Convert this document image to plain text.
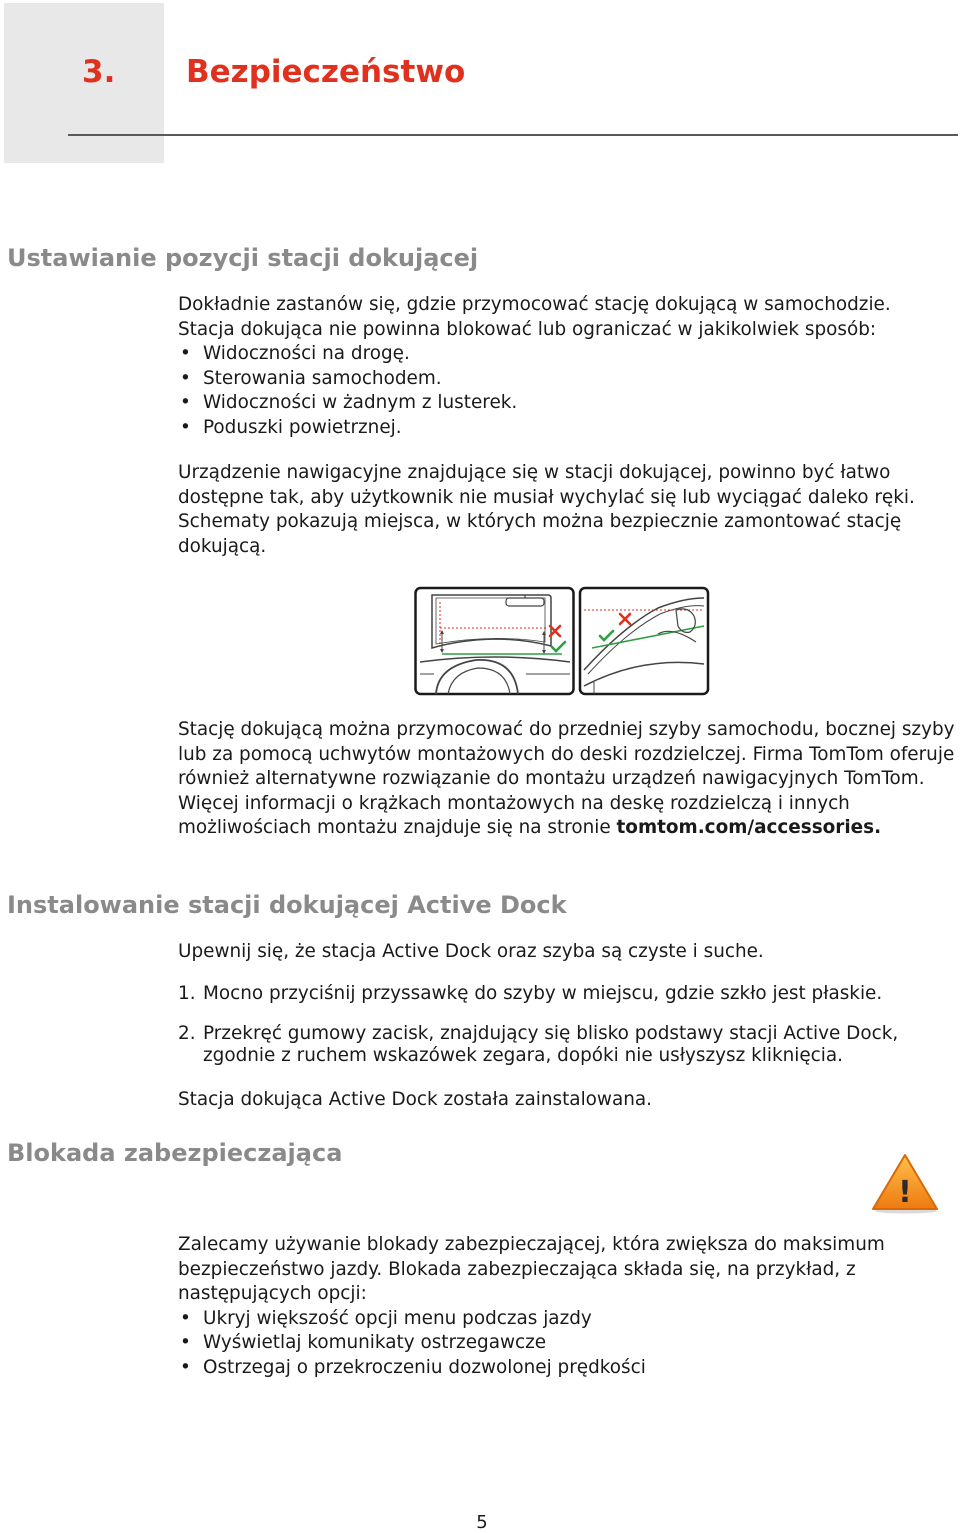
3. Bezpieczeństwo
Ustawianie pozycji stacji dokującej

Dokładnie zastanów się, gdzie przymocować stację dokującą w samochodzie.

Stacja dokująca nie powinna blokować lub ograniczać w jakikolwiek sposób:

• Widoczności na drogę.
• Sterowania samochodem.
• Widoczności w żadnym z lusterek.
• Poduszki powietrznej.

Urządzenie nawigacyjne znajdujące się w stacji dokującej, powinno być łatwo dostępne tak, aby użytkownik nie musiał wychylać się lub wyciągać daleko ręki. Schematy pokazują miejsca, w których można bezpiecznie zamontować stację dokującą.

Stację dokującą można przymocować do przedniej szyby samochodu, bocznej szyby lub za pomocą uchwytów montażowych do deski rozdzielczej. Firma TomTom oferuje również alternatywne rozwiązanie do montażu urządzeń nawigacyjnych TomTom. Więcej informacji o krążkach montażowych na deskę rozdzielczą i innych możliwościach montażu znajduje się na stronie tomtom.com/accessories.

Instalowanie stacji dokującej Active Dock

Upewnij się, że stacja Active Dock oraz szyba są czyste i suche.

1. Mocno przyciśnij przyssawkę do szyby w miejscu, gdzie szkło jest płaskie.
2. Przekręć gumowy zacisk, znajdujący się blisko podstawy stacji Active Dock, zgodnie z ruchem wskazówek zegara, dopóki nie usłyszysz kliknięcia.

Stacja dokująca Active Dock została zainstalowana.

Blokada zabezpieczająca
!

Zalecamy używanie blokady zabezpieczającej, która zwiększa do maksimum bezpieczeństwo jazdy. Blokada zabezpieczająca składa się, na przykład, z następujących opcji:

• Ukryj większość opcji menu podczas jazdy
• Wyświetlaj komunikaty ostrzegawcze
• Ostrzegaj o przekroczeniu dozwolonej prędkości
5
